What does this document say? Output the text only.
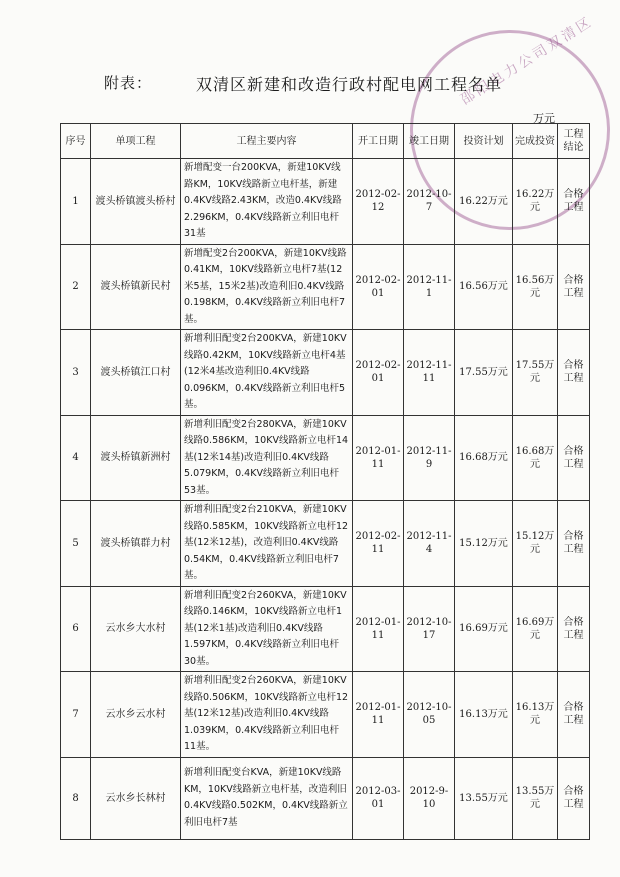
邵阳电力公司双清区
附表：	双清区新建和改造行政村配电网工程名单
万元
序号	单项工程	工程主要内容	开工日期	竣工日期	投资计划	完成投资	工程结论
1	渡头桥镇渡头桥村	新增配变一台200KVA，新建10KV线路KM，10KV线路新立电杆基，新建0.4KV线路2.43KM，改造0.4KV线路2.296KM，0.4KV线路新立利旧电杆31基	2012-02-12	2012-10-7	16.22万元	16.22万元	合格工程
2	渡头桥镇新民村	新增配变2台200KVA，新建10KV线路0.41KM，10KV线路新立电杆7基(12米5基，15米2基)改造利旧0.4KV线路0.198KM，0.4KV线路新立利旧电杆7基。	2012-02-01	2012-11-1	16.56万元	16.56万元	合格工程
3	渡头桥镇江口村	新增利旧配变2台200KVA，新建10KV线路0.42KM，10KV线路新立电杆4基(12米4基改造利旧0.4KV线路0.096KM，0.4KV线路新立利旧电杆5基。	2012-02-01	2012-11-11	17.55万元	17.55万元	合格工程
4	渡头桥镇新洲村	新增利旧配变2台280KVA，新建10KV线路0.586KM，10KV线路新立电杆14基(12米14基)改造利旧0.4KV线路5.079KM，0.4KV线路新立利旧电杆53基。	2012-01-11	2012-11-9	16.68万元	16.68万元	合格工程
5	渡头桥镇群力村	新增利旧配变2台210KVA，新建10KV线路0.585KM，10KV线路新立电杆12基(12米12基)，改造利旧0.4KV线路0.54KM，0.4KV线路新立利旧电杆7基。	2012-02-11	2012-11-4	15.12万元	15.12万元	合格工程
6	云水乡大水村	新增利旧配变2台260KVA，新建10KV线路0.146KM，10KV线路新立电杆1基(12米1基)改造利旧0.4KV线路1.597KM，0.4KV线路新立利旧电杆30基。	2012-01-11	2012-10-17	16.69万元	16.69万元	合格工程
7	云水乡云水村	新增利旧配变2台260KVA，新建10KV线路0.506KM，10KV线路新立电杆12基(12米12基)改造利旧0.4KV线路1.039KM，0.4KV线路新立利旧电杆11基。	2012-01-11	2012-10-05	16.13万元	16.13万元	合格工程
8	云水乡长林村	新增利旧配变台KVA，新建10KV线路KM，10KV线路新立电杆基，改造利旧0.4KV线路0.502KM，0.4KV线路新立利旧电杆7基	2012-03-01	2012-9-10	13.55万元	13.55万元	合格工程
